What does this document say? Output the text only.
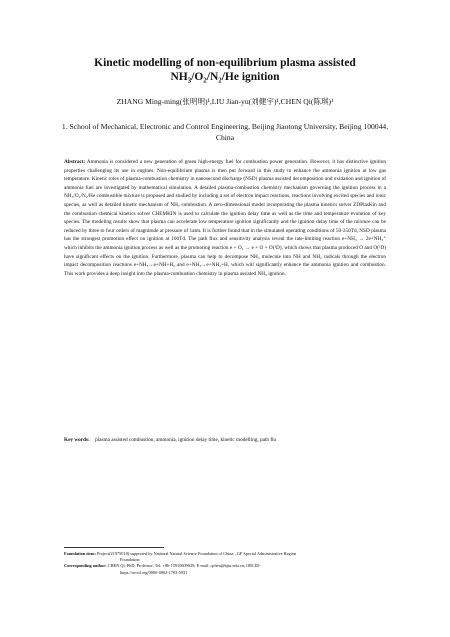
Kinetic modelling of non-equilibrium plasma assisted
NH₃/O₂/N₂/He ignition
ZHANG Ming-ming(张明明)¹,LIU Jian-yu(刘健宇)¹,CHEN Qi(陈琪)¹
1. School of Mechanical, Electronic and Control Engineering, Beijing Jiaotong University, Beijing 100044, China
Abstract: Ammonia is considered a new generation of green high-energy fuel for combustion power generation. However, it has distinctive ignition properties challenging its use in engines. Non-equilibrium plasma is then put forward in this study to enhance the ammonia ignition at low gas temperature. Kinetic roles of plasma-combustion chemistry in nanosecond discharge (NSD) plasma assisted decomposition and oxidation and ignition of ammonia fuel are investigated by mathematical simulation. A detailed plasma-combustion chemistry mechanism governing the ignition process in a NH₃/O₂/N₂/He combustible mixture is proposed and studied by including a set of electron impact reactions, reactions involving excited species and ionic species, as well as detailed kinetic mechanism of NH₃ combustion. A zero-dimensional model incorporating the plasma kinetics solver ZDPlasKin and the combustion chemical kinetics solver CHEMKIN is used to calculate the ignition delay time as well as the time and temperature evolution of key species. The modeling results show that plasma can accelerate low temperature ignition significantly and the ignition delay time of the mixture can be reduced by three to four orders of magnitude at pressure of 1atm. It is further found that in the simulated operating conditions of 50-250Td, NSD plasma has the strongest promotion effect on ignition at 100Td. The path flux and sensitivity analysis reveal the rate-limiting reaction e+NH₃ → 2e+NH₃⁺ which inhibits the ammonia ignition process as well as the promoting reaction e + O₂ → e + O + O(¹D), which shows that plasma produced O and O(¹D) have significant effects on the ignition. Furthermore, plasma can help to decompose NH₃ molecule into NH and NH₂ radicals through the electron impact decomposition reactions e+NH₃→e+NH+H₂ and e+NH₃→e+NH₂+H, which will significantly enhance the ammonia ignition and combustion. This work provides a deep insight into the plasma-combustion chemistry in plasma assisted NH₃ ignition.
Key words: plasma assisted combustion, ammonia, ignition delay time, kinetic modelling, path flu
Foundation item: Project(21975018) supported by National Natural Science Foundation of China ; GF Special Administrative Region
Foundation
Corresponding author: CHEN Qi, PhD, Professor, Tel: +86-15910609029; E-mail: qchen@bjtu.edu.cn; ORCID:
https://orcid.org/0000-0002-1783-5931
